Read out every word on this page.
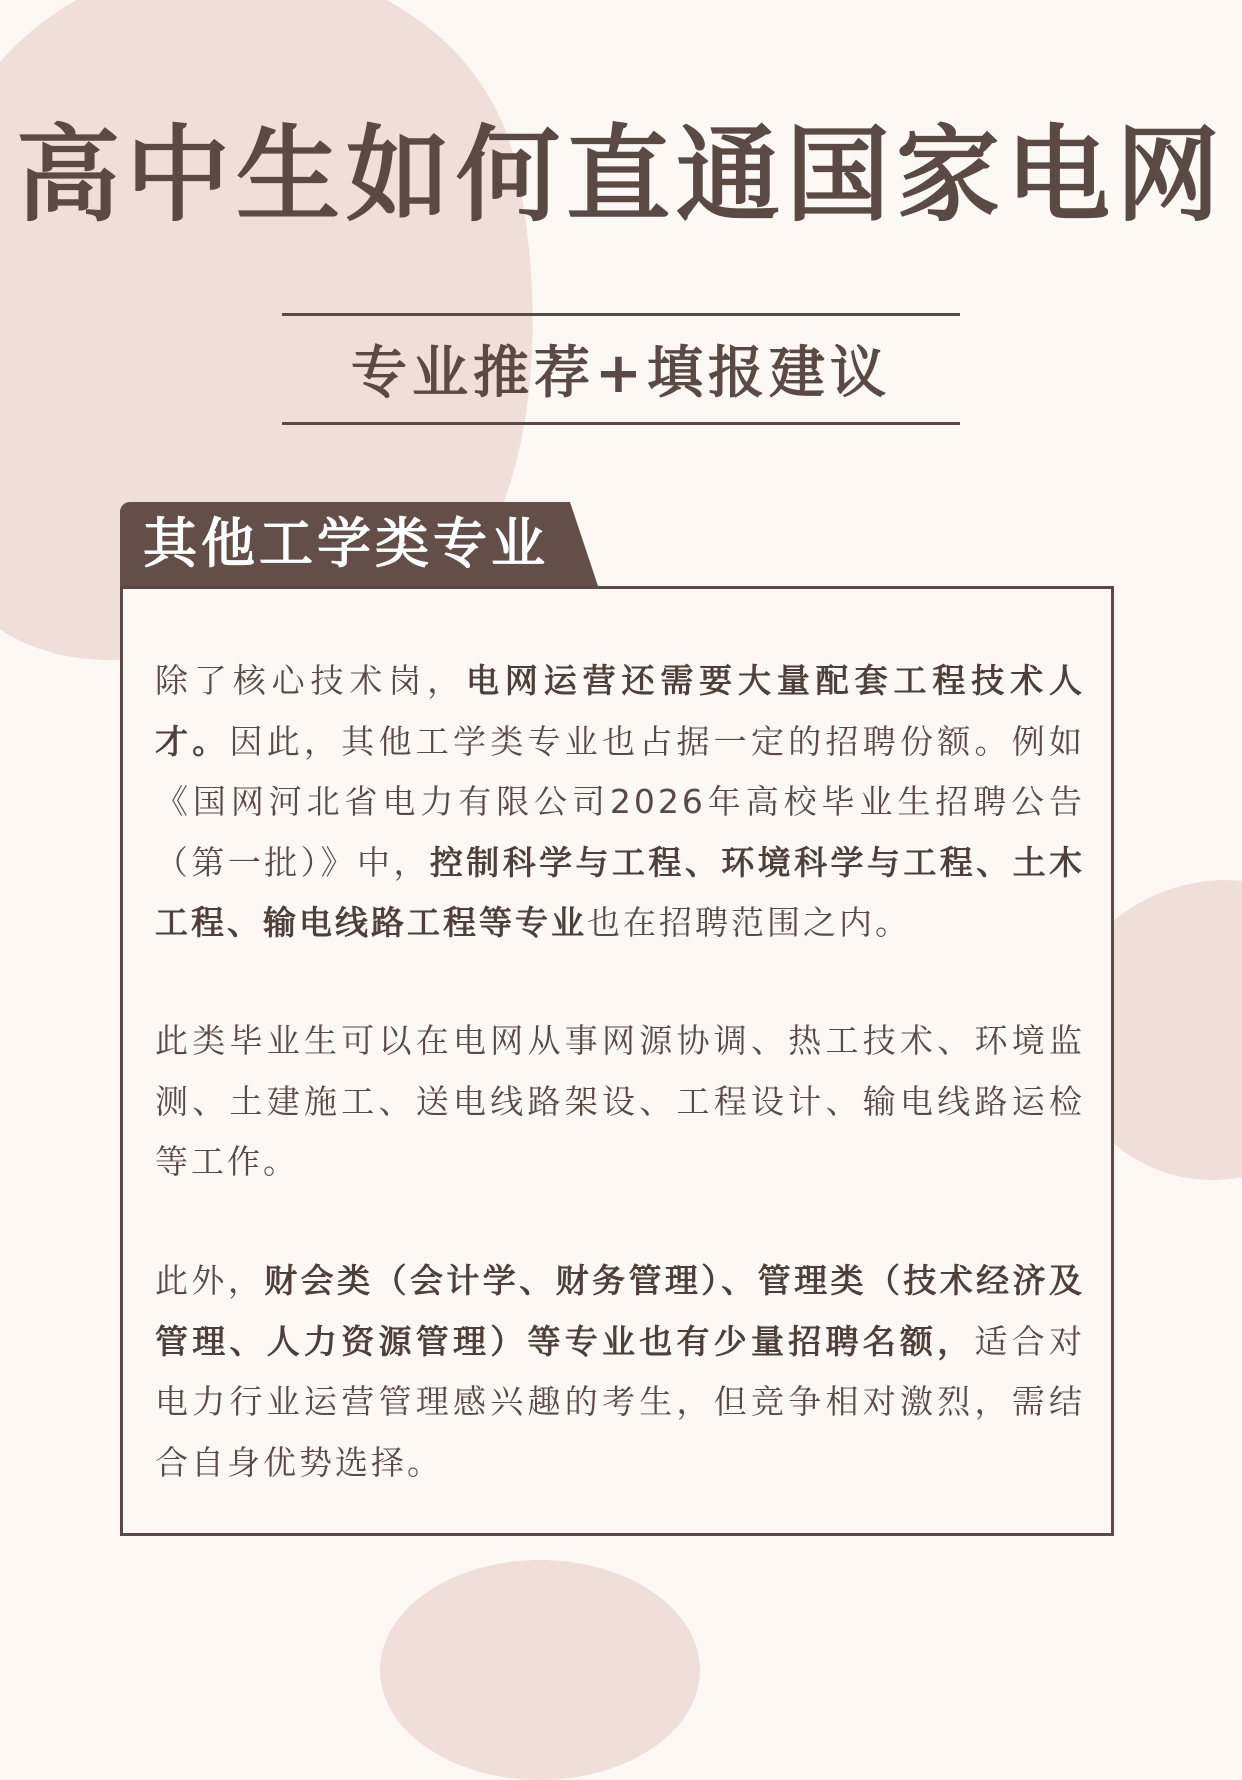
高中生如何直通国家电网
专业推荐+填报建议
其他工学类专业

除了核心技术岗，电网运营还需要大量配套工程技术人才。因此，其他工学类专业也占据一定的招聘份额。例如《国网河北省电力有限公司2026年高校毕业生招聘公告（第一批）》中，控制科学与工程、环境科学与工程、土木工程、输电线路工程等专业也在招聘范围之内。

此类毕业生可以在电网从事网源协调、热工技术、环境监测、土建施工、送电线路架设、工程设计、输电线路运检等工作。

此外，财会类（会计学、财务管理）、管理类（技术经济及管理、人力资源管理）等专业也有少量招聘名额，适合对电力行业运营管理感兴趣的考生，但竞争相对激烈，需结合自身优势选择。
